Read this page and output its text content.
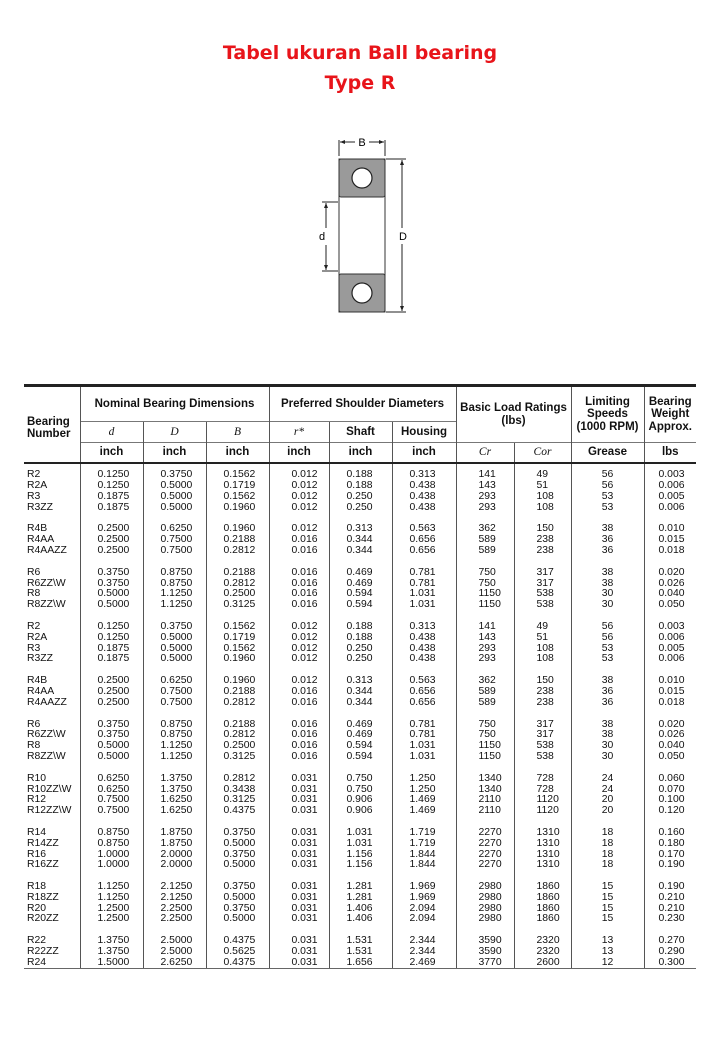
Tabel ukuran Ball bearing
Type R
B
d	D
Bearing Number	Nominal Bearing Dimensions			Preferred Shoulder Diameters			Basic Load Ratings (lbs)		Limiting Speeds (1000 RPM)	Bearing Weight Approx.
	d	D	B	r*	Shaft	Housing				
	inch	inch	inch	inch	inch	inch	Cr	Cor	Grease	lbs
R2	0.1250	0.3750	0.1562	0.012	0.188	0.313	141	49	56	0.003
R2A	0.1250	0.5000	0.1719	0.012	0.188	0.438	143	51	56	0.006
R3	0.1875	0.5000	0.1562	0.012	0.250	0.438	293	108	53	0.005
R3ZZ	0.1875	0.5000	0.1960	0.012	0.250	0.438	293	108	53	0.006
R4B	0.2500	0.6250	0.1960	0.012	0.313	0.563	362	150	38	0.010
R4AA	0.2500	0.7500	0.2188	0.016	0.344	0.656	589	238	36	0.015
R4AAZZ	0.2500	0.7500	0.2812	0.016	0.344	0.656	589	238	36	0.018
R6	0.3750	0.8750	0.2188	0.016	0.469	0.781	750	317	38	0.020
R6ZZ\W	0.3750	0.8750	0.2812	0.016	0.469	0.781	750	317	38	0.026
R8	0.5000	1.1250	0.2500	0.016	0.594	1.031	1150	538	30	0.040
R8ZZ\W	0.5000	1.1250	0.3125	0.016	0.594	1.031	1150	538	30	0.050
R2	0.1250	0.3750	0.1562	0.012	0.188	0.313	141	49	56	0.003
R2A	0.1250	0.5000	0.1719	0.012	0.188	0.438	143	51	56	0.006
R3	0.1875	0.5000	0.1562	0.012	0.250	0.438	293	108	53	0.005
R3ZZ	0.1875	0.5000	0.1960	0.012	0.250	0.438	293	108	53	0.006
R4B	0.2500	0.6250	0.1960	0.012	0.313	0.563	362	150	38	0.010
R4AA	0.2500	0.7500	0.2188	0.016	0.344	0.656	589	238	36	0.015
R4AAZZ	0.2500	0.7500	0.2812	0.016	0.344	0.656	589	238	36	0.018
R6	0.3750	0.8750	0.2188	0.016	0.469	0.781	750	317	38	0.020
R6ZZ\W	0.3750	0.8750	0.2812	0.016	0.469	0.781	750	317	38	0.026
R8	0.5000	1.1250	0.2500	0.016	0.594	1.031	1150	538	30	0.040
R8ZZ\W	0.5000	1.1250	0.3125	0.016	0.594	1.031	1150	538	30	0.050
R10	0.6250	1.3750	0.2812	0.031	0.750	1.250	1340	728	24	0.060
R10ZZ\W	0.6250	1.3750	0.3438	0.031	0.750	1.250	1340	728	24	0.070
R12	0.7500	1.6250	0.3125	0.031	0.906	1.469	2110	1120	20	0.100
R12ZZ\W	0.7500	1.6250	0.4375	0.031	0.906	1.469	2110	1120	20	0.120
R14	0.8750	1.8750	0.3750	0.031	1.031	1.719	2270	1310	18	0.160
R14ZZ	0.8750	1.8750	0.5000	0.031	1.031	1.719	2270	1310	18	0.180
R16	1.0000	2.0000	0.3750	0.031	1.156	1.844	2270	1310	18	0.170
R16ZZ	1.0000	2.0000	0.5000	0.031	1.156	1.844	2270	1310	18	0.190
R18	1.1250	2.1250	0.3750	0.031	1.281	1.969	2980	1860	15	0.190
R18ZZ	1.1250	2.1250	0.5000	0.031	1.281	1.969	2980	1860	15	0.210
R20	1.2500	2.2500	0.3750	0.031	1.406	2.094	2980	1860	15	0.210
R20ZZ	1.2500	2.2500	0.5000	0.031	1.406	2.094	2980	1860	15	0.230
R22	1.3750	2.5000	0.4375	0.031	1.531	2.344	3590	2320	13	0.270
R22ZZ	1.3750	2.5000	0.5625	0.031	1.531	2.344	3590	2320	13	0.290
R24	1.5000	2.6250	0.4375	0.031	1.656	2.469	3770	2600	12	0.300
